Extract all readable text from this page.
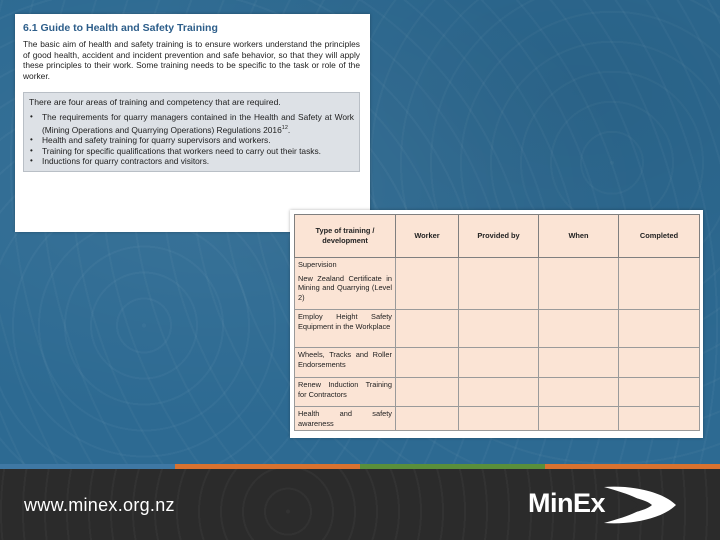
6.1 Guide to Health and Safety Training

The basic aim of health and safety training is to ensure workers understand the principles of good health, accident and incident prevention and safe behavior, so that they will apply these principles to their work. Some training needs to be specific to the task or role of the worker.

There are four areas of training and competency that are required.
• The requirements for quarry managers contained in the Health and Safety at Work (Mining Operations and Quarrying Operations) Regulations 2016$^{12}$.
• Health and safety training for quarry supervisors and workers.
• Training for specific qualifications that workers need to carry out their tasks.
• Inductions for quarry contractors and visitors.
Type of training / development	Worker	Provided by	When	Completed

Supervision
New Zealand Certificate in Mining and Quarrying (Level 2)				

Employ Height Safety Equipment in the Workplace				
Wheels, Tracks and Roller Endorsements				
Renew Induction Training for Contractors				
Health and safety awareness				
www.minex.org.nz	MinEx
